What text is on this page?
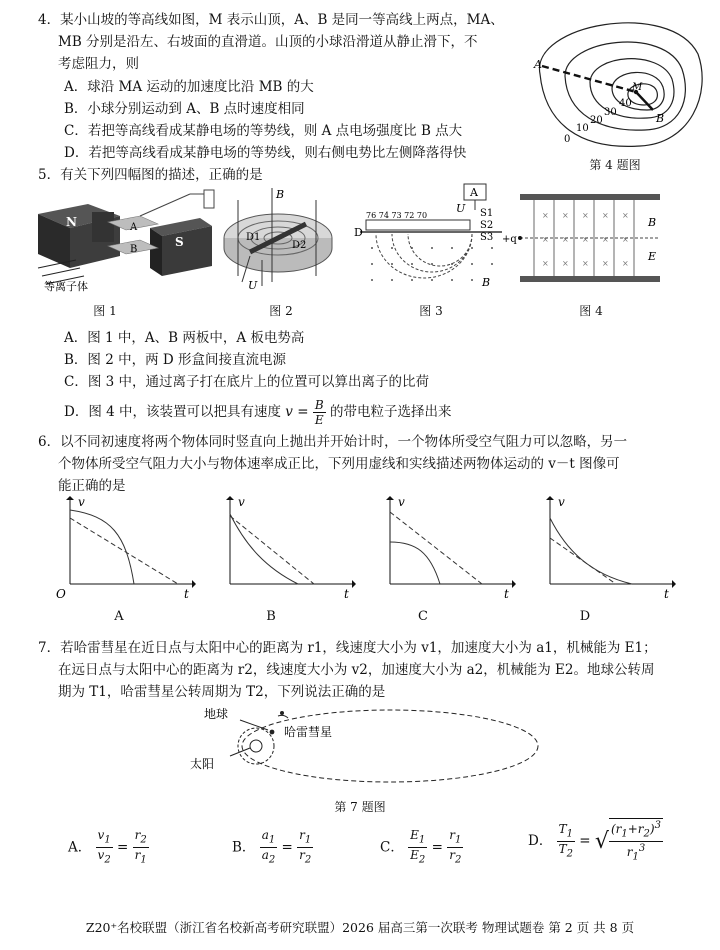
4．某小山坡的等高线如图，M 表示山顶，A、B 是同一等高线上两点，MA、
MB 分别是沿左、右坡面的直滑道。山顶的小球沿滑道从静止滑下，不
考虑阻力，则
A．球沿 MA 运动的加速度比沿 MB 的大
B．小球分别运动到 A、B 点时速度相同
C．若把等高线看成某静电场的等势线，则 A 点电场强度比 B 点大
D．若把等高线看成某静电场的等势线，则右侧电势比左侧降落得快
A
M
B
40
30
20
10
0
第 4 题图
5．有关下列四幅图的描述，正确的是
N
S
A
B
等离子体
B
D1
D2
U
A
76 74 73 72 70
D
U S1
S2
S3
B
× × × × ×
× × × × ×
× × × × ×
+q
B
E
图 1	图 2	图 3	图 4
A．图 1 中，A、B 两板中，A 板电势高
B．图 2 中，两 D 形盒间接直流电源
C．图 3 中，通过离子打在底片上的位置可以算出离子的比荷
D．图 4 中，该装置可以把具有速度 $v = \frac{B}{E}$ 的带电粒子选择出来
6．以不同初速度将两个物体同时竖直向上抛出并开始计时，一个物体所受空气阻力可以忽略，另一
个物体所受空气阻力大小与物体速率成正比，下列用虚线和实线描述两物体运动的 v－t 图像可
能正确的是
v
t
O
v
t
v
t
v
t
A	B	C	D
7．若哈雷彗星在近日点与太阳中心的距离为 r1，线速度大小为 v1，加速度大小为 a1，机械能为 E1；
在远日点与太阳中心的距离为 r2，线速度大小为 v2，加速度大小为 a2，机械能为 E2。地球公转周
期为 T1，哈雷彗星公转周期为 T2，下列说法正确的是
地球
哈雷彗星
太阳
第 7 题图
A． $\frac{v_1}{v_2} = \frac{r_2}{r_1}$	B． $\frac{a_1}{a_2} = \frac{r_1}{r_2}$	C． $\frac{E_1}{E_2} = \frac{r_1}{r_2}$	D． $\frac{T_1}{T_2}$ = √ $\frac{(r_1+r_2)^3}{r_1^3}$
Z20⁺名校联盟（浙江省名校新高考研究联盟）2026 届高三第一次联考 物理试题卷 第 2 页 共 8 页
